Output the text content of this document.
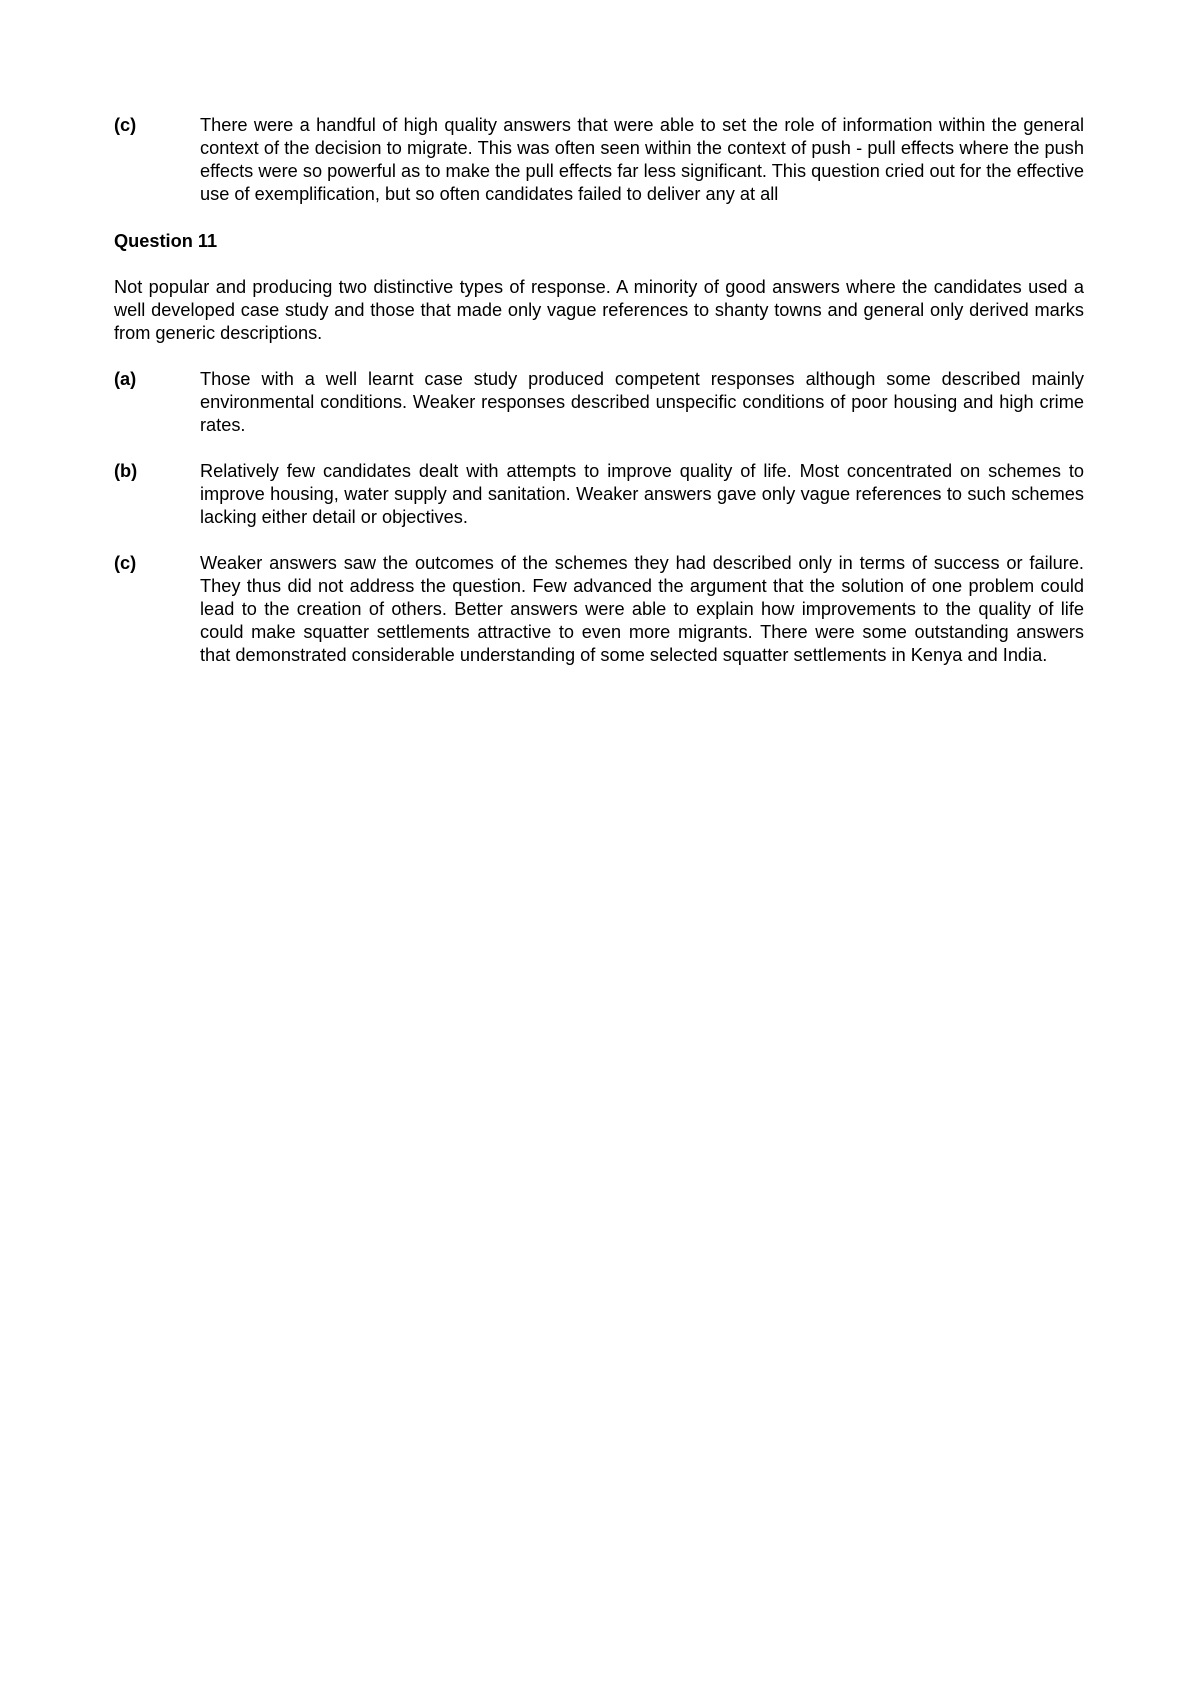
(c)	There were a handful of high quality answers that were able to set the role of information within the general context of the decision to migrate. This was often seen within the context of push - pull effects where the push effects were so powerful as to make the pull effects far less significant. This question cried out for the effective use of exemplification, but so often candidates failed to deliver any at all
Question 11
Not popular and producing two distinctive types of response. A minority of good answers where the candidates used a well developed case study and those that made only vague references to shanty towns and general only derived marks from generic descriptions.
(a)	Those with a well learnt case study produced competent responses although some described mainly environmental conditions. Weaker responses described unspecific conditions of poor housing and high crime rates.
(b)	Relatively few candidates dealt with attempts to improve quality of life. Most concentrated on schemes to improve housing, water supply and sanitation. Weaker answers gave only vague references to such schemes lacking either detail or objectives.
(c)	Weaker answers saw the outcomes of the schemes they had described only in terms of success or failure. They thus did not address the question. Few advanced the argument that the solution of one problem could lead to the creation of others. Better answers were able to explain how improvements to the quality of life could make squatter settlements attractive to even more migrants. There were some outstanding answers that demonstrated considerable understanding of some selected squatter settlements in Kenya and India.
